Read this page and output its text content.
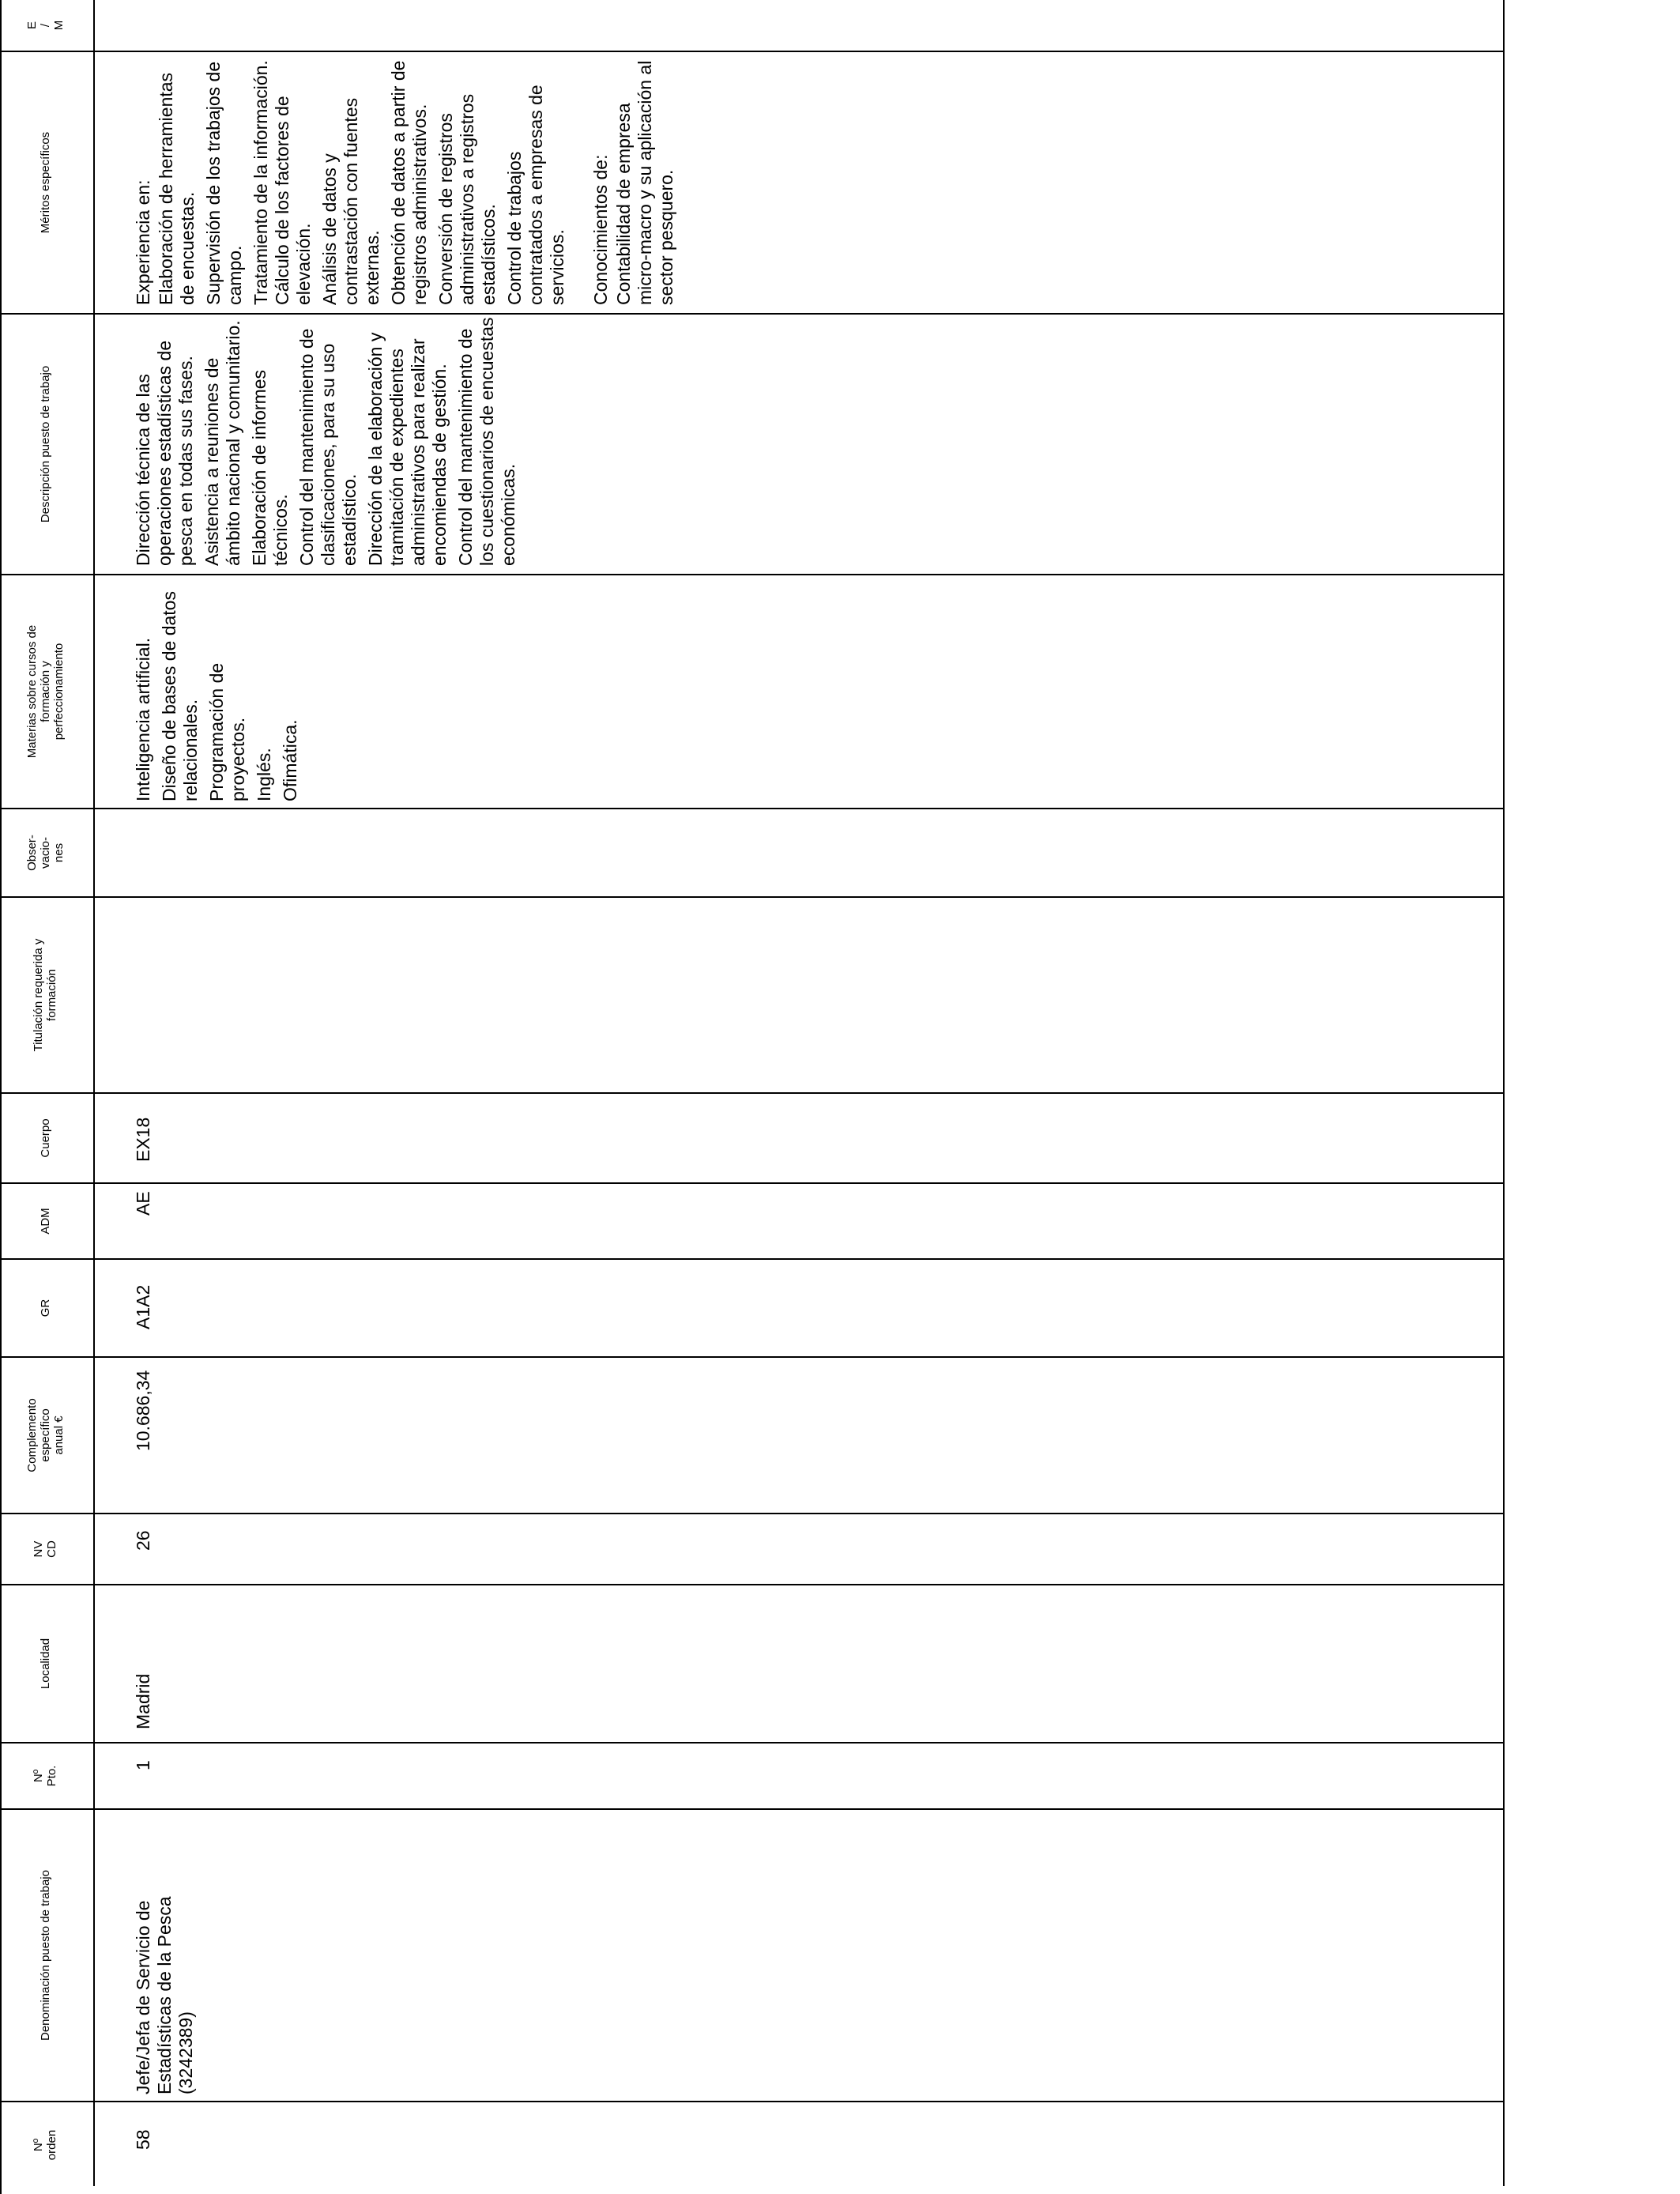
Nº
orden
Denominación puesto de trabajo
Nº
Pto.
Localidad
NV
CD
Complemento
específico
anual €
GR
ADM
Cuerpo
Titulación requerida y
formación
Obser-
vacio-
nes
Materias sobre cursos de
formación y
perfeccionamiento
Descripción puesto de trabajo
Méritos específicos
E
/
M
58
Jefe/Jefa de Servicio de Estadísticas de la Pesca (3242389)
1
Madrid
26
10.686,34
A1A2
AE
EX18

Inteligencia artificial. Diseño de bases de datos relacionales. Programación de proyectos. Inglés. Ofimática.

Dirección técnica de las operaciones estadísticas de pesca en todas sus fases. Asistencia a reuniones de ámbito nacional y comunitario. Elaboración de informes técnicos. Control del mantenimiento de clasificaciones, para su uso estadístico. Dirección de la elaboración y tramitación de expedientes administrativos para realizar encomiendas de gestión. Control del mantenimiento de los cuestionarios de encuestas económicas.

Experiencia en: Elaboración de herramientas de encuestas. Supervisión de los trabajos de campo. Tratamiento de la información. Cálculo de los factores de elevación. Análisis de datos y contrastación con fuentes externas. Obtención de datos a partir de registros administrativos. Conversión de registros administrativos a registros estadísticos. Control de trabajos contratados a empresas de servicios. Conocimientos de: Contabilidad de empresa micro-macro y su aplicación al sector pesquero.
